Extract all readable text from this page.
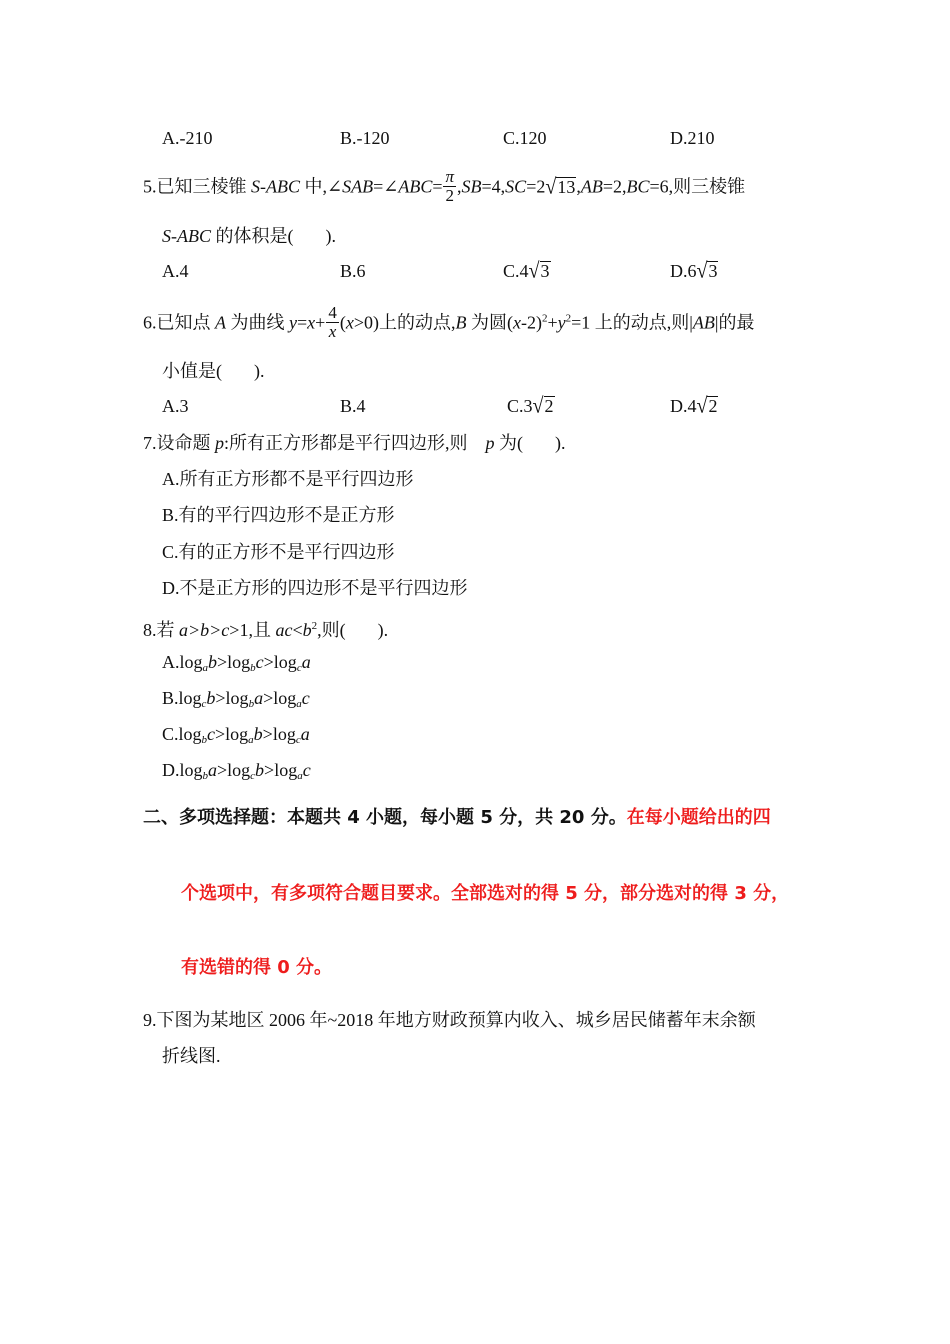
A.-210	B.-120	C.120	D.210
5.已知三棱锥 S-ABC 中,∠SAB=∠ABC= $\frac{\pi}{2} ,SB=4,SC=2√13,AB=2,BC=6$,则三棱锥
S-ABC 的体积是( ).
A.4	B.6	C.4√3	D.6√3
6.已知点 A 为曲线 $y=x+ \frac{4}{x} (x>0)$上的动点,B 为圆$(x-2)^2+y^2=1$ 上的动点,则|AB|的最
小值是( ).
A.3	B.4	C.3√2	D.4√2
7.设命题 p:所有正方形都是平行四边形,则 p 为( ).
A.所有正方形都不是平行四边形
B.有的平行四边形不是正方形
C.有的正方形不是平行四边形
D.不是正方形的四边形不是平行四边形
8.若 a>b>c>1,且 $ac<b^2$,则( ).
$A.\log_ab>\log_bc>\log_ca$
$B.\log_cb>\log_ba>\log_ac$
$C.\log_bc>\log_ab>\log_ca$
$D.\log_ba>\log_cb>\log_ac$
二、多项选择题：本题共 4 小题，每小题 5 分，共 20 分。在每小题给出的四
个选项中，有多项符合题目要求。全部选对的得 5 分，部分选对的得 3 分，
有选错的得 0 分。
9.下图为某地区 2006 年~2018 年地方财政预算内收入、城乡居民储蓄年末余额
折线图.
